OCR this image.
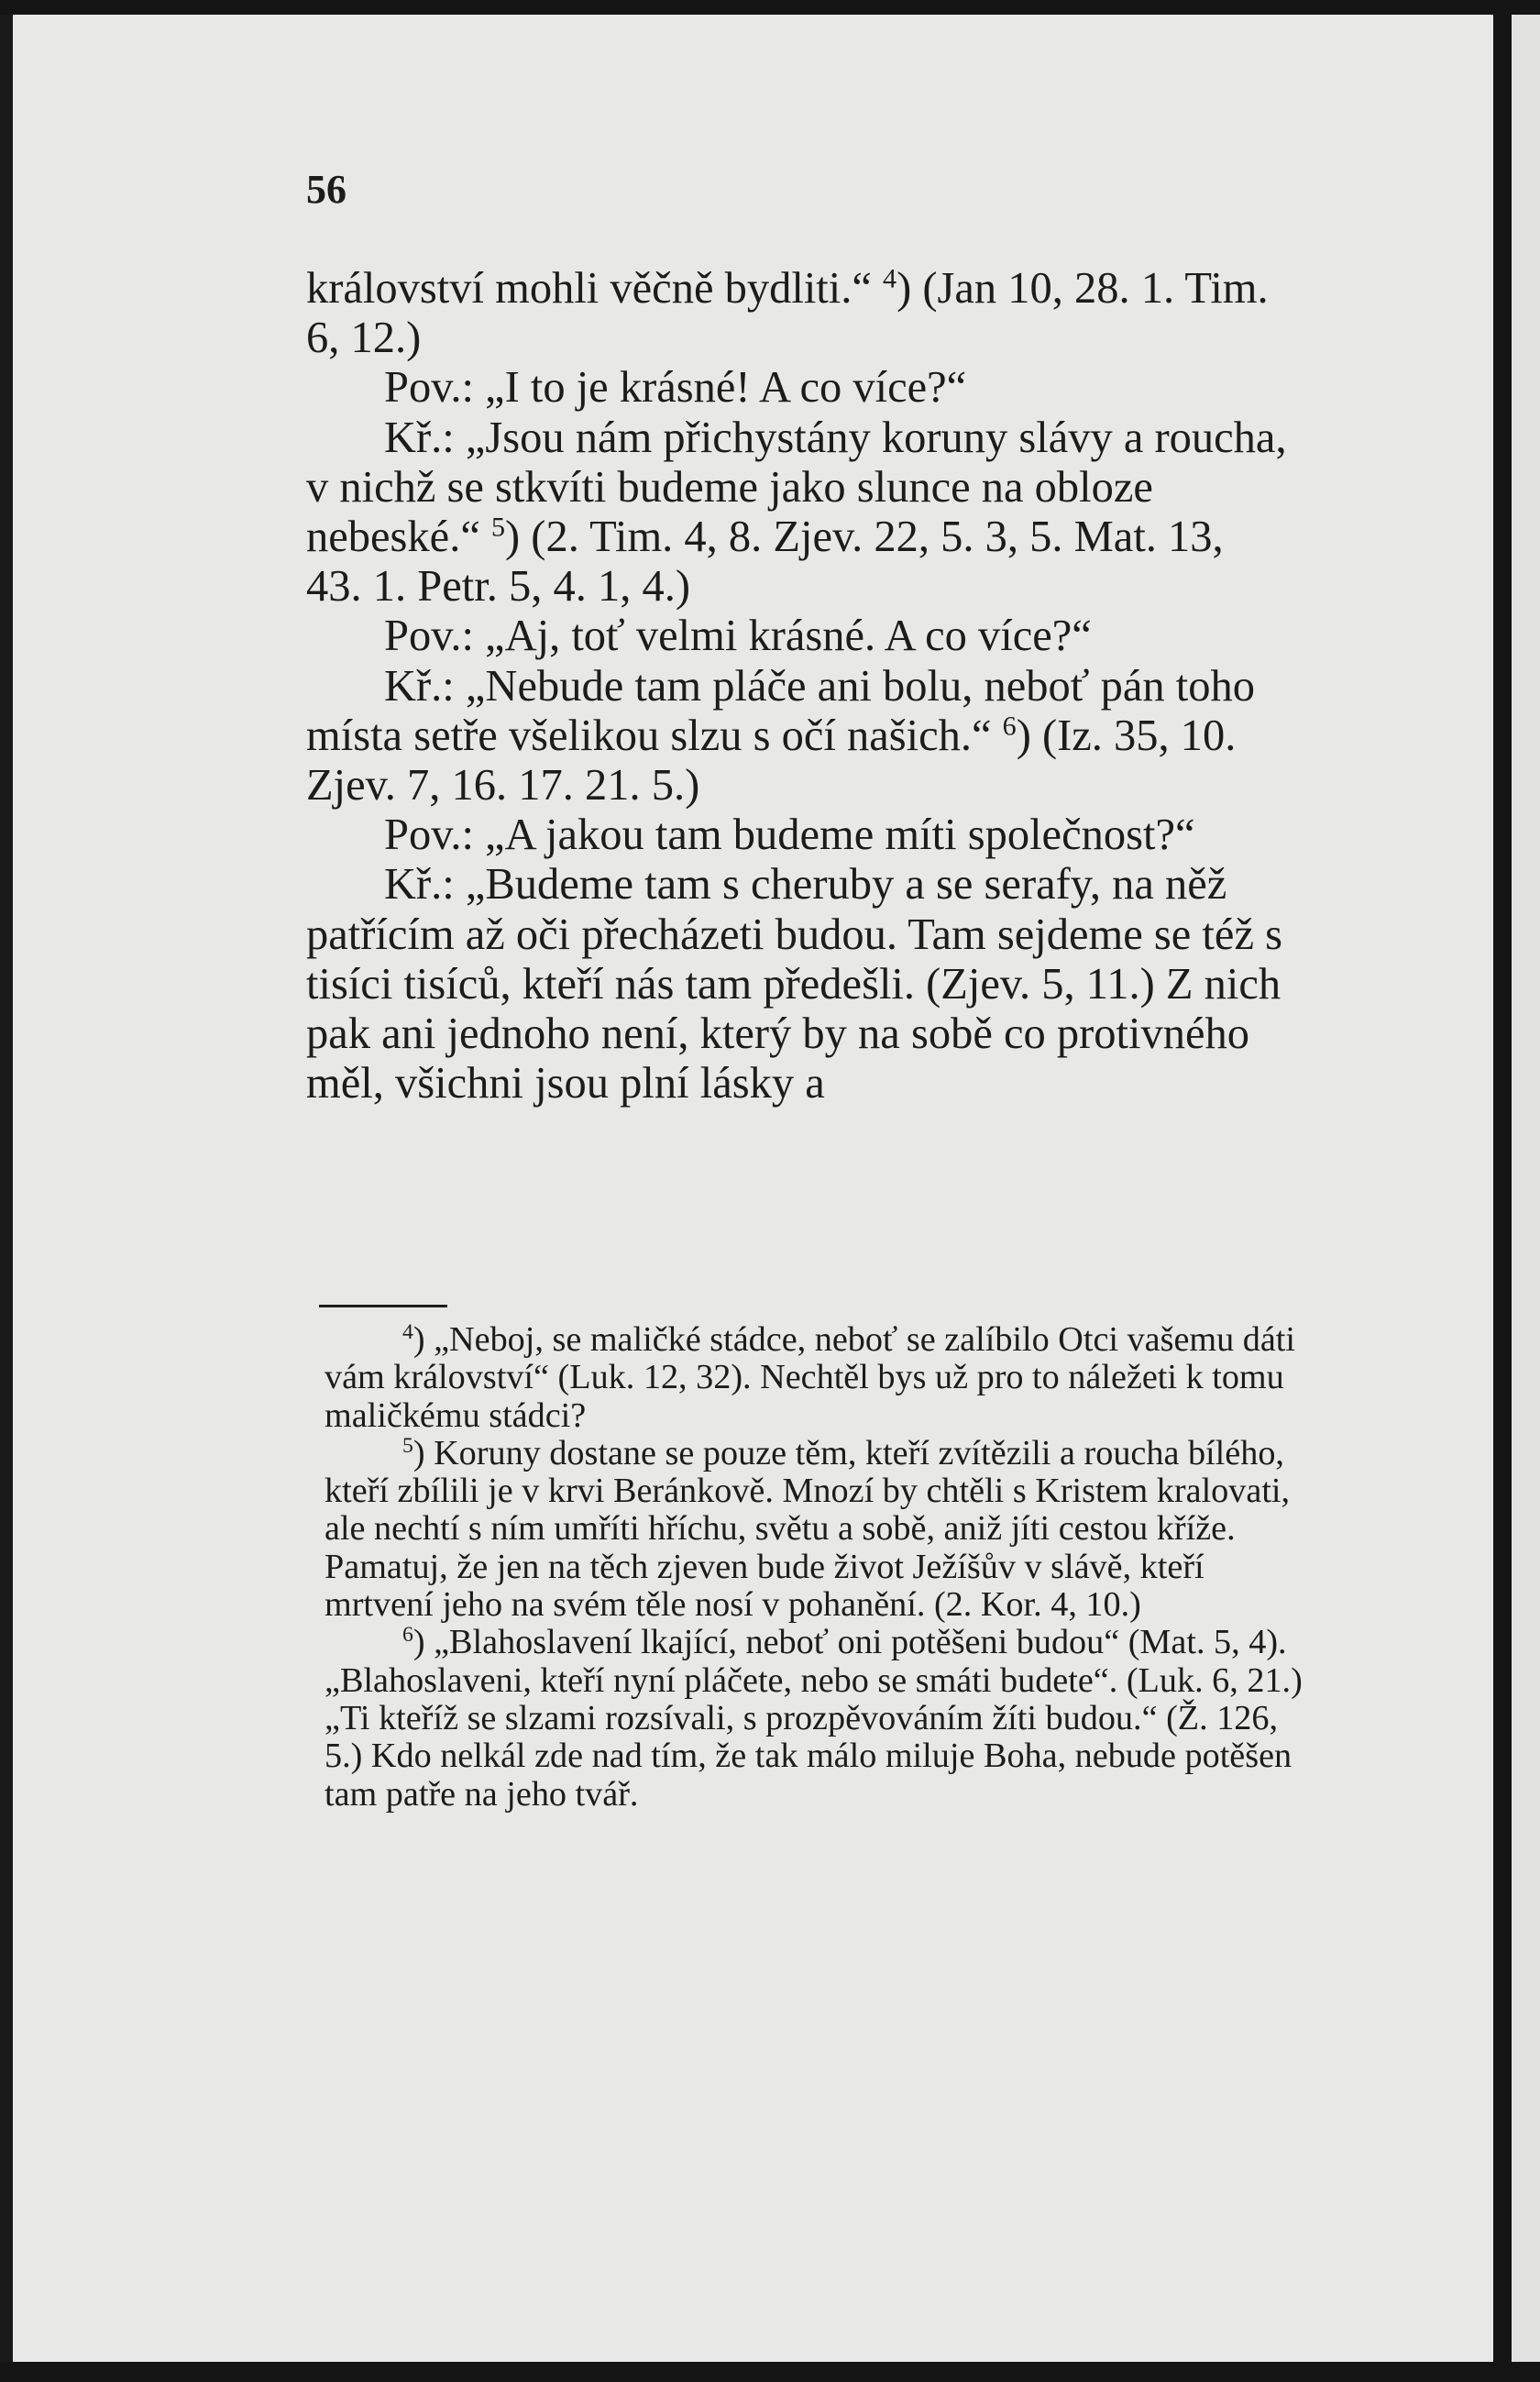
56

království mohli věčně bydliti.“ $^4$) (Jan 10, 28. 1. Tim. 6, 12.)

Pov.: „I to je krásné! A co více?“

Kř.: „Jsou nám přichystány koruny slávy a roucha, v nichž se stkvíti budeme jako slunce na obloze nebeské.“ $^5$) (2. Tim. 4, 8. Zjev. 22, 5. 3, 5. Mat. 13, 43. 1. Petr. 5, 4. 1, 4.)

Pov.: „Aj, toť velmi krásné. A co více?“

Kř.: „Nebude tam pláče ani bolu, neboť pán toho místa setře všelikou slzu s očí našich.“ $^6$) (Iz. 35, 10. Zjev. 7, 16. 17. 21. 5.)

Pov.: „A jakou tam budeme míti společnost?“

Kř.: „Budeme tam s cheruby a se serafy, na něž patřícím až oči přecházeti budou. Tam sejdeme se též s tisíci tisíců, kteří nás tam předešli. (Zjev. 5, 11.) Z nich pak ani jednoho není, který by na sobě co protivného měl, všichni jsou plní lásky a

$^4$) „Neboj, se maličké stádce, neboť se zalíbilo Otci vašemu dáti vám království“ (Luk. 12, 32). Nechtěl bys už pro to náležeti k tomu maličkému stádci?

$^5$) Koruny dostane se pouze těm, kteří zvítězili a roucha bílého, kteří zbílili je v krvi Beránkově. Mnozí by chtěli s Kristem kralovati, ale nechtí s ním umříti hříchu, světu a sobě, aniž jíti cestou kříže. Pamatuj, že jen na těch zjeven bude život Ježíšův v slávě, kteří mrtvení jeho na svém těle nosí v pohanění. (2. Kor. 4, 10.)

$^6$) „Blahoslavení lkající, neboť oni potěšeni budou“ (Mat. 5, 4). „Blahoslaveni, kteří nyní pláčete, nebo se smáti budete“. (Luk. 6, 21.) „Ti kteříž se slzami rozsívali, s prozpěvováním žíti budou.“ (Ž. 126, 5.) Kdo nelkál zde nad tím, že tak málo miluje Boha, nebude potěšen tam patře na jeho tvář.
